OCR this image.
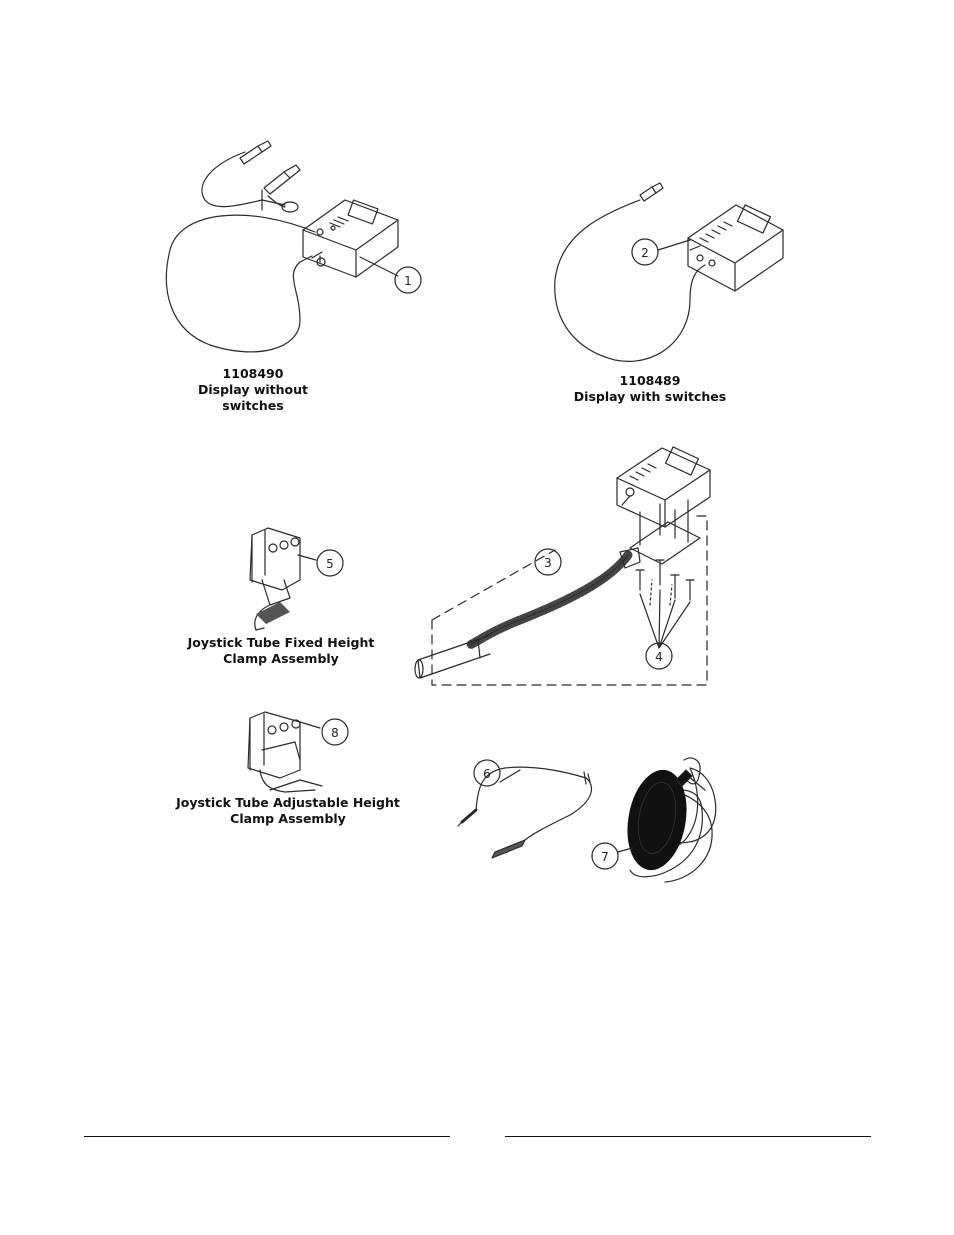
1
2
3
4
5
8
6
7
1108490
Display without
switches
1108489
Display with switches
Joystick Tube Fixed Height
Clamp Assembly
Joystick Tube Adjustable Height
Clamp Assembly
